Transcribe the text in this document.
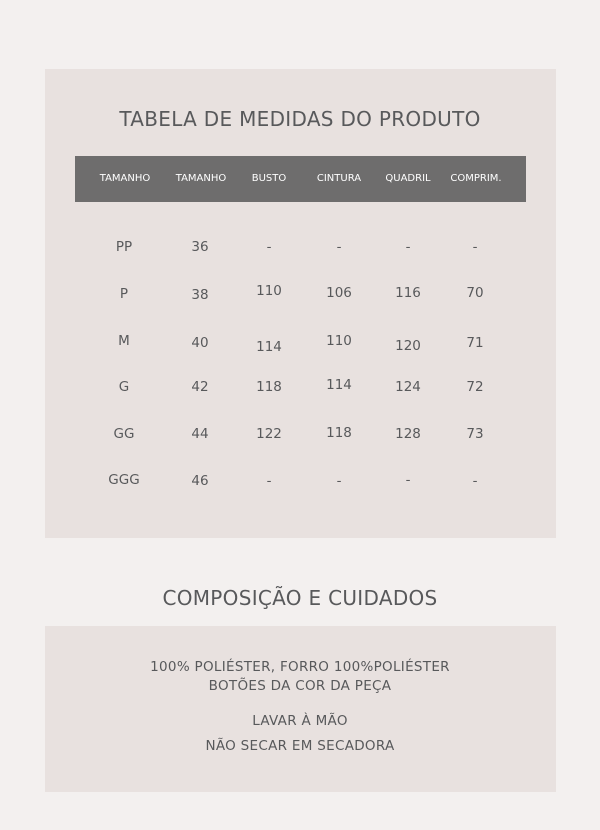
TABELA DE MEDIDAS DO PRODUTO
TAMANHO	TAMANHO	BUSTO	CINTURA	QUADRIL	COMPRIM.
PP	36	-	-	-	-
P	38	110	106	116	70
M	40	114	110	120	71
G	42	118	114	124	72
GG	44	122	118	128	73
GGG	46	-	-	-	-
COMPOSIÇÃO E CUIDADOS
100% POLIÉSTER, FORRO 100%POLIÉSTER
BOTÕES DA COR DA PEÇA
LAVAR À MÃO
NÃO SECAR EM SECADORA
